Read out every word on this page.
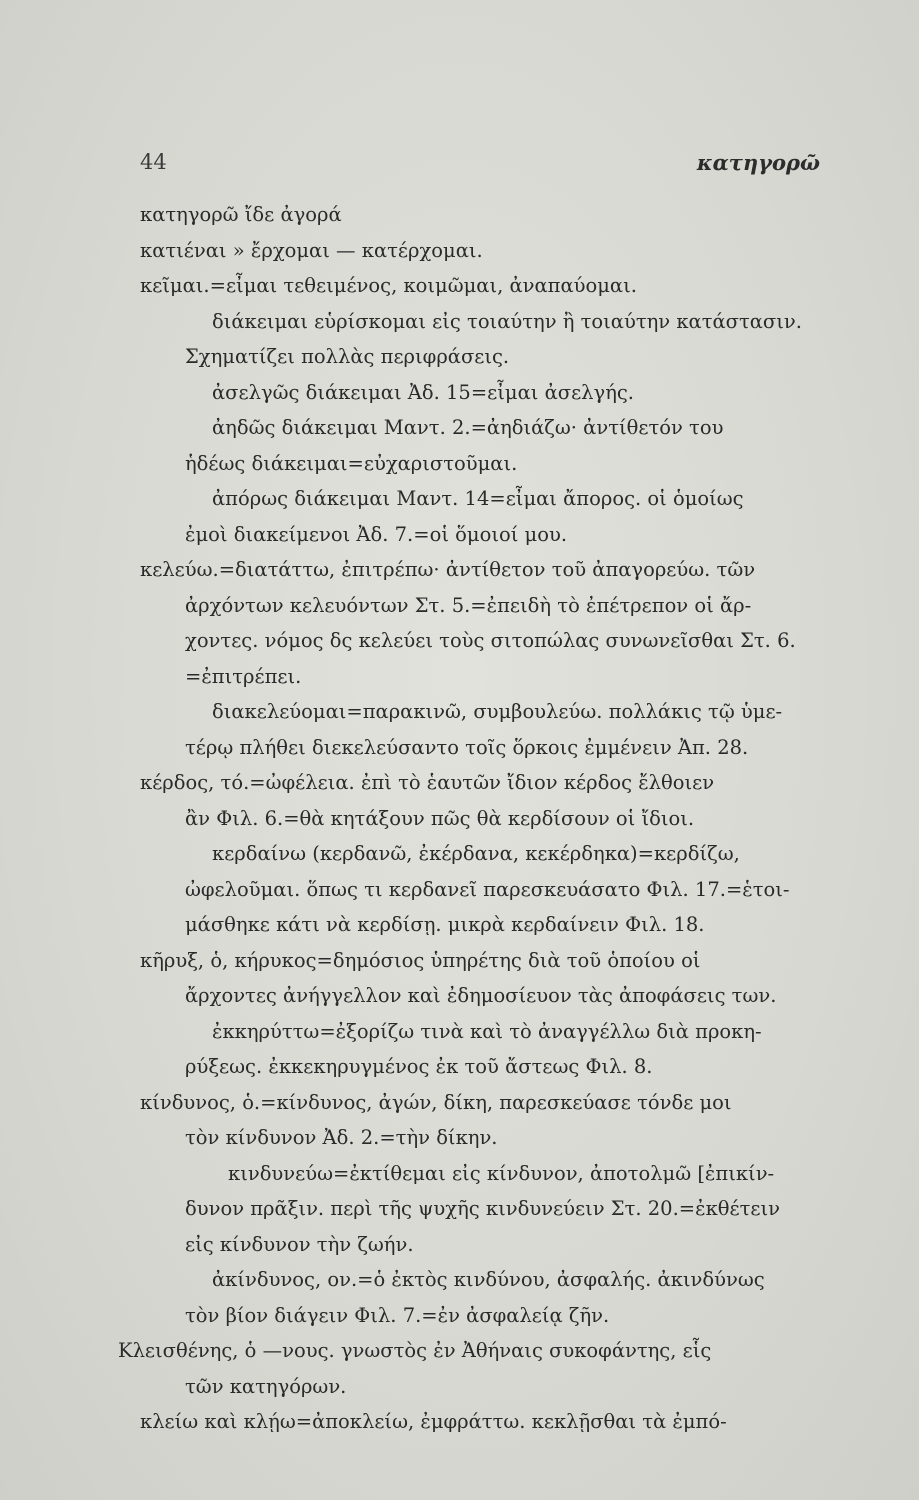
44	κατηγορῶ
κατηγορῶ ἴδε ἀγορά
κατιέναι » ἔρχομαι — κατέρχομαι.
κεῖμαι.=εἶμαι τεθειμένος, κοιμῶμαι, ἀναπαύομαι.
διάκειμαι εὑρίσκομαι εἰς τοιαύτην ἢ τοιαύτην κατάστασιν.
Σχηματίζει πολλὰς περιφράσεις.
ἀσελγῶς διάκειμαι Ἀδ. 15=εἶμαι ἀσελγής.
ἀηδῶς διάκειμαι Μαντ. 2.=ἀηδιάζω· ἀντίθετόν του
ἡδέως διάκειμαι=εὐχαριστοῦμαι.
ἀπόρως διάκειμαι Μαντ. 14=εἶμαι ἄπορος. οἱ ὁμοίως
ἐμοὶ διακείμενοι Ἀδ. 7.=οἱ ὅμοιοί μου.
κελεύω.=διατάττω, ἐπιτρέπω· ἀντίθετον τοῦ ἀπαγορεύω. τῶν
ἀρχόντων κελευόντων Στ. 5.=ἐπειδὴ τὸ ἐπέτρεπον οἱ ἄρ-
χοντες. νόμος δς κελεύει τοὺς σιτοπώλας συνωνεῖσθαι Στ. 6.
=ἐπιτρέπει.
διακελεύομαι=παρακινῶ, συμβουλεύω. πολλάκις τῷ ὑμε-
τέρῳ πλήθει διεκελεύσαντο τοῖς ὅρκοις ἐμμένειν Ἀπ. 28.
κέρδος, τό.=ὠφέλεια. ἐπὶ τὸ ἑαυτῶν ἴδιον κέρδος ἔλθοιεν
ἂν Φιλ. 6.=θὰ κητάξουν πῶς θὰ κερδίσουν οἱ ἴδιοι.
κερδαίνω (κερδανῶ, ἐκέρδανα, κεκέρδηκα)=κερδίζω,
ὠφελοῦμαι. ὅπως τι κερδανεῖ παρεσκευάσατο Φιλ. 17.=ἑτοι-
μάσθηκε κάτι νὰ κερδίσῃ. μικρὰ κερδαίνειν Φιλ. 18.
κῆρυξ, ὁ, κήρυκος=δημόσιος ὑπηρέτης διὰ τοῦ ὁποίου οἱ
ἄρχοντες ἀνήγγελλον καὶ ἐδημοσίευον τὰς ἀποφάσεις των.
ἐκκηρύττω=ἐξορίζω τινὰ καὶ τὸ ἀναγγέλλω διὰ προκη-
ρύξεως. ἐκκεκηρυγμένος ἐκ τοῦ ἄστεως Φιλ. 8.
κίνδυνος, ὁ.=κίνδυνος, ἀγών, δίκη, παρεσκεύασε τόνδε μοι
τὸν κίνδυνον Ἀδ. 2.=τὴν δίκην.
κινδυνεύω=ἐκτίθεμαι εἰς κίνδυνον, ἀποτολμῶ [ἐπικίν-
δυνον πρᾶξιν. περὶ τῆς ψυχῆς κινδυνεύειν Στ. 20.=ἐκθέτειν
εἰς κίνδυνον τὴν ζωήν.
ἀκίνδυνος, ον.=ὁ ἐκτὸς κινδύνου, ἀσφαλής. ἀκινδύνως
τὸν βίον διάγειν Φιλ. 7.=ἐν ἀσφαλείᾳ ζῆν.
Κλεισθένης, ὁ —νους. γνωστὸς ἐν Ἀθήναις συκοφάντης, εἷς
τῶν κατηγόρων.
κλείω καὶ κλῄω=ἀποκλείω, ἐμφράττω. κεκλῇσθαι τὰ ἐμπό-
